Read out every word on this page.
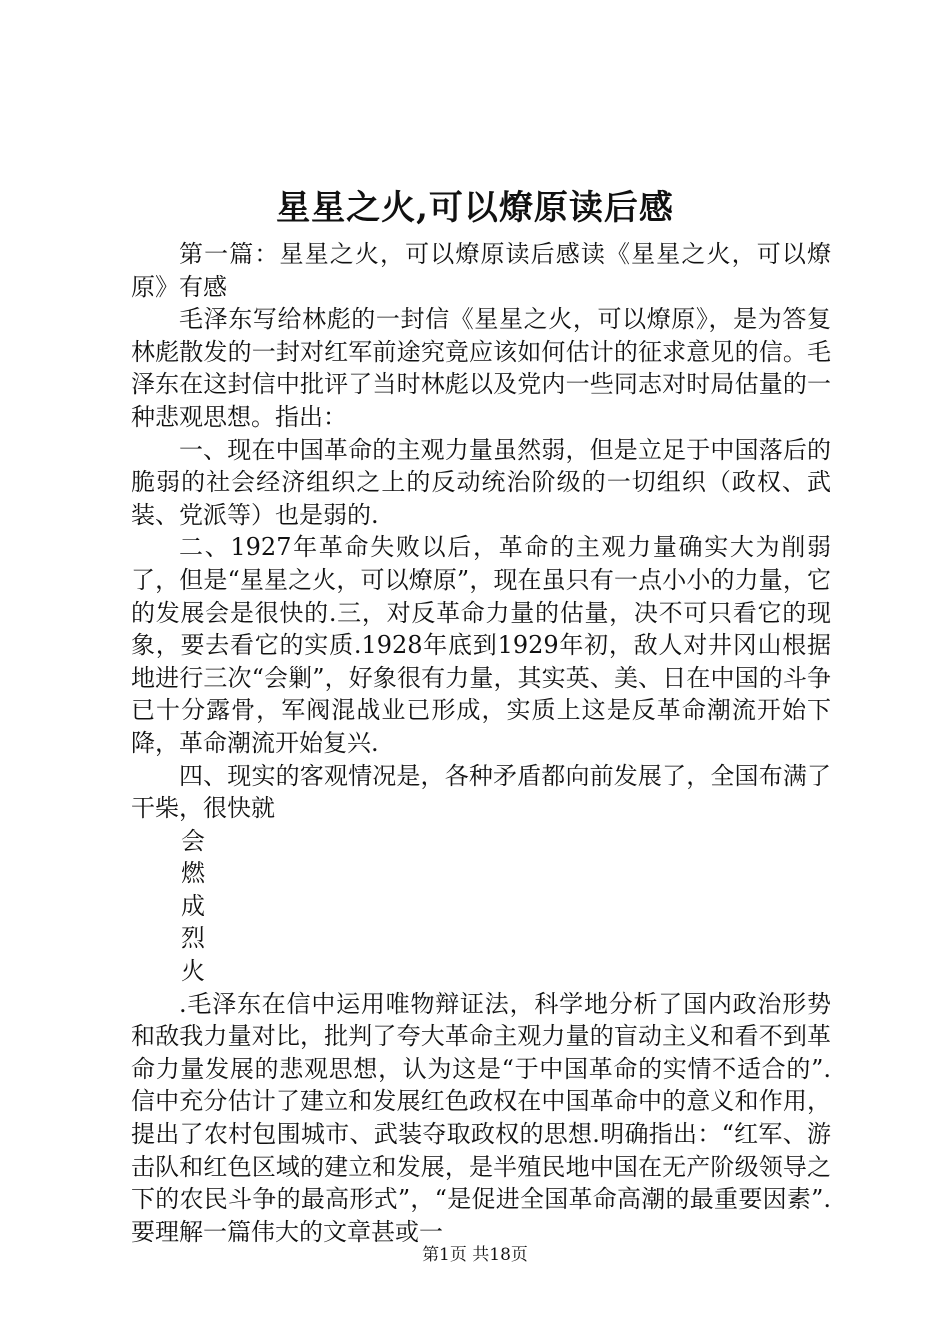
星星之火,可以燎原读后感

第一篇：星星之火，可以燎原读后感读《星星之火，可以燎原》有感

毛泽东写给林彪的一封信《星星之火，可以燎原》，是为答复林彪散发的一封对红军前途究竟应该如何估计的征求意见的信。毛泽东在这封信中批评了当时林彪以及党内一些同志对时局估量的一种悲观思想。指出：

一、现在中国革命的主观力量虽然弱，但是立足于中国落后的脆弱的社会经济组织之上的反动统治阶级的一切组织（政权、武装、党派等）也是弱的.

二、1927年革命失败以后，革命的主观力量确实大为削弱了，但是“星星之火，可以燎原”，现在虽只有一点小小的力量，它的发展会是很快的.三，对反革命力量的估量，决不可只看它的现象，要去看它的实质.1928年底到1929年初，敌人对井冈山根据地进行三次“会剿”，好象很有力量，其实英、美、日在中国的斗争已十分露骨，军阀混战业已形成，实质上这是反革命潮流开始下降，革命潮流开始复兴.

四、现实的客观情况是，各种矛盾都向前发展了，全国布满了干柴，很快就

会
燃
成
烈
火

.毛泽东在信中运用唯物辩证法，科学地分析了国内政治形势和敌我力量对比，批判了夸大革命主观力量的盲动主义和看不到革命力量发展的悲观思想，认为这是“于中国革命的实情不适合的”.信中充分估计了建立和发展红色政权在中国革命中的意义和作用，提出了农村包围城市、武装夺取政权的思想.明确指出：“红军、游击队和红色区域的建立和发展，是半殖民地中国在无产阶级领导之下的农民斗争的最高形式”，“是促进全国革命高潮的最重要因素”.要理解一篇伟大的文章甚或一

第1页 共18页
